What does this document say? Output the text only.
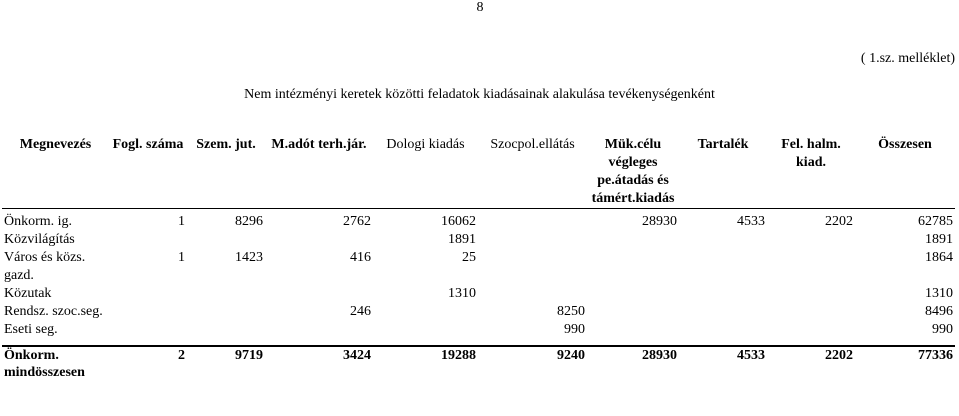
8
( 1.sz. melléklet)
Nem intézményi keretek közötti feladatok kiadásainak alakulása tevékenységenként
Megnevezés	Fogl. száma	Szem. jut.	M.adót terh.jár.	Dologi kiadás	Szocpol.ellátás	Mük.célu végleges pe.átadás és támért.kiadás	Tartalék	Fel. halm. kiad.	Összesen

Önkorm. ig.	1	8296	2762	16062		28930	4533	2202	62785
Közvilágítás				1891					1891
Város és közs. gazd.	1	1423	416	25					1864
Közutak				1310					1310
Rendsz. szoc.seg.			246		8250				8496
Eseti seg.					990				990

Önkorm. mindösszesen	2	9719	3424	19288	9240	28930	4533	2202	77336
